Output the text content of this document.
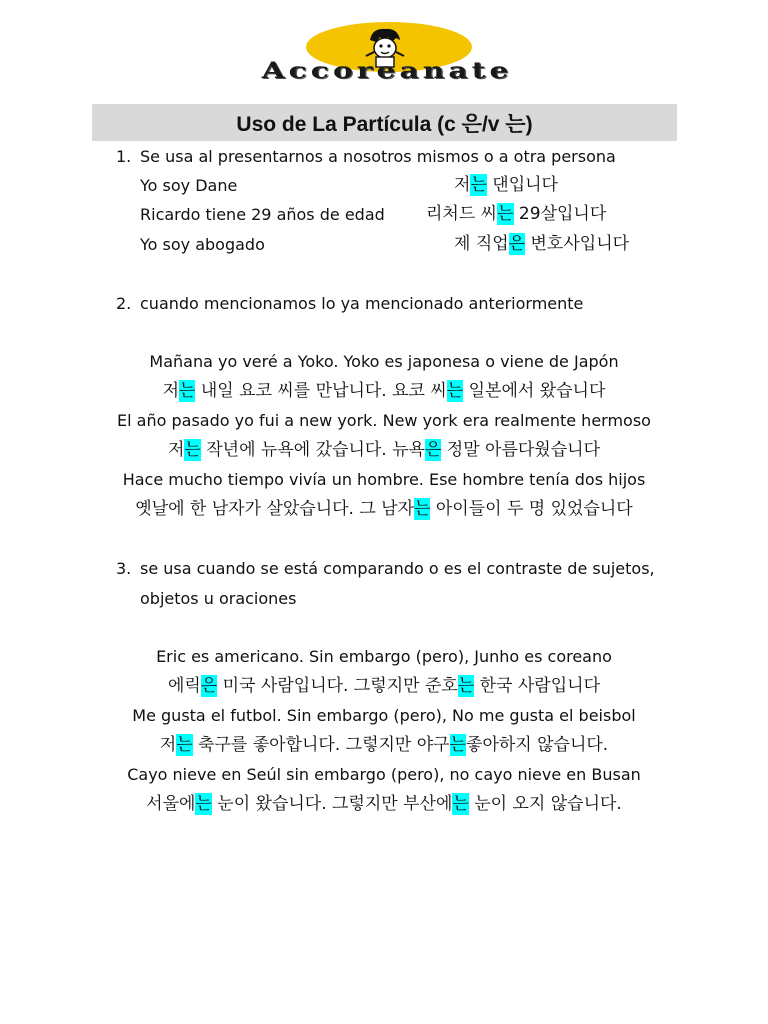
Accoreanate
Uso de La Partícula (c 은/v 는)
1. Se usa al presentarnos a nosotros mismos o a otra persona
Yo soy Dane	저는 댄입니다
Ricardo tiene 29 años de edad 리처드 씨는 29살입니다
Yo soy abogado	제 직업은 변호사입니다
2. cuando mencionamos lo ya mencionado anteriormente
Mañana yo veré a Yoko. Yoko es japonesa o viene de Japón
저는 내일 요코 씨를 만납니다. 요코 씨는 일본에서 왔습니다
El año pasado yo fui a new york. New york era realmente hermoso
저는 작년에 뉴욕에 갔습니다. 뉴욕은 정말 아름다웠습니다
Hace mucho tiempo vivía un hombre. Ese hombre tenía dos hijos
옛날에 한 남자가 살았습니다. 그 남자는 아이들이 두 명 있었습니다
3. se usa cuando se está comparando o es el contraste de sujetos,
objetos u oraciones
Eric es americano. Sin embargo (pero), Junho es coreano
에릭은 미국 사람입니다. 그렇지만 준호는 한국 사람입니다
Me gusta el futbol. Sin embargo (pero), No me gusta el beisbol
저는 축구를 좋아합니다. 그렇지만 야구는좋아하지 않습니다.
Cayo nieve en Seúl sin embargo (pero), no cayo nieve en Busan
서울에는 눈이 왔습니다. 그렇지만 부산에는 눈이 오지 않습니다.
